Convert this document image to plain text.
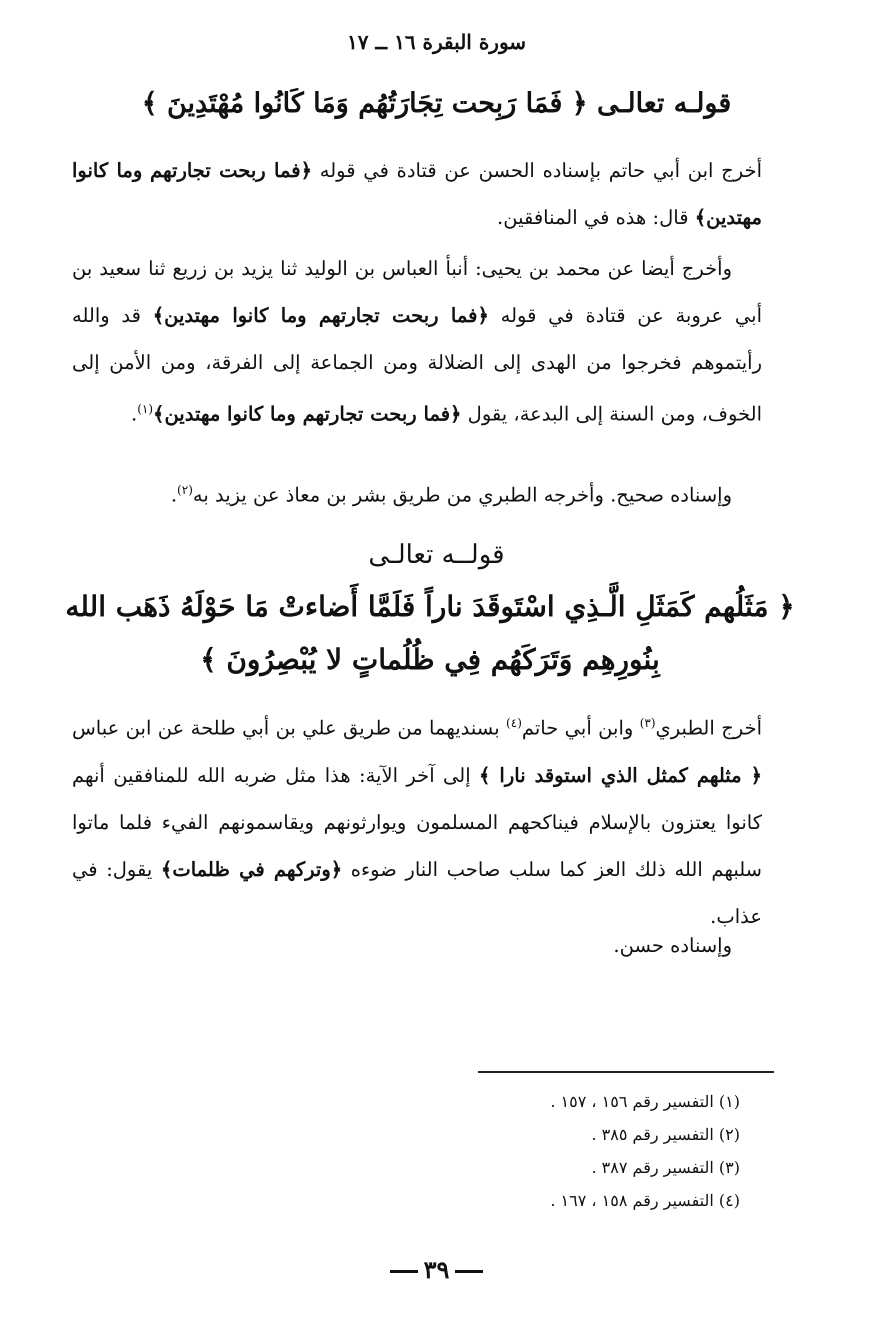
سورة البقرة ١٦ ــ ١٧
قولـه تعالـى ﴿ فَمَا رَبِحت تِجَارَتُهُم وَمَا كَانُوا مُهْتَدِينَ ﴾
أخرج ابن أبي حاتم بإسناده الحسن عن قتادة في قوله ﴿فما ربحت تجارتهم وما كانوا مهتدين﴾ قال: هذه في المنافقين.
وأخرج أيضا عن محمد بن يحيى: أنبأ العباس بن الوليد ثنا يزيد بن زريع ثنا سعيد بن أبي عروبة عن قتادة في قوله ﴿فما ربحت تجارتهم وما كانوا مهتدين﴾ قد والله رأيتموهم فخرجوا من الهدى إلى الضلالة ومن الجماعة إلى الفرقة، ومن الأمن إلى الخوف، ومن السنة إلى البدعة، يقول ﴿فما ربحت تجارتهم وما كانوا مهتدين﴾$^{(١)}$.
وإسناده صحيح. وأخرجه الطبري من طريق بشر بن معاذ عن يزيد به$^{(٢)}$.
قولــه تعالـى
﴿ مَثَلُهم كَمَثَلِ الَّـذِي اسْتَوقَدَ ناراً فَلَمَّا أَضاءتْ مَا حَوْلَهُ ذَهَب الله
بِنُورِهِم وَتَرَكَهُم فِي ظُلُماتٍ لا يُبْصِرُونَ ﴾
أخرج الطبري$^{(٣)}$ وابن أبي حاتم$^{(٤)}$ بسنديهما من طريق علي بن أبي طلحة عن ابن عباس ﴿ مثلهم كمثل الذي استوقد نارا ﴾ إلى آخر الآية: هذا مثل ضربه الله للمنافقين أنهم كانوا يعتزون بالإسلام فيناكحهم المسلمون ويوارثونهم ويقاسمونهم الفيء فلما ماتوا سلبهم الله ذلك العز كما سلب صاحب النار ضوءه ﴿وتركهم في ظلمات﴾ يقول: في عذاب.
وإسناده حسن.
(١) التفسير رقم ١٥٦ ، ١٥٧ .
(٢) التفسير رقم ٣٨٥ .
(٣) التفسير رقم ٣٨٧ .
(٤) التفسير رقم ١٥٨ ، ١٦٧ .
٣٩
